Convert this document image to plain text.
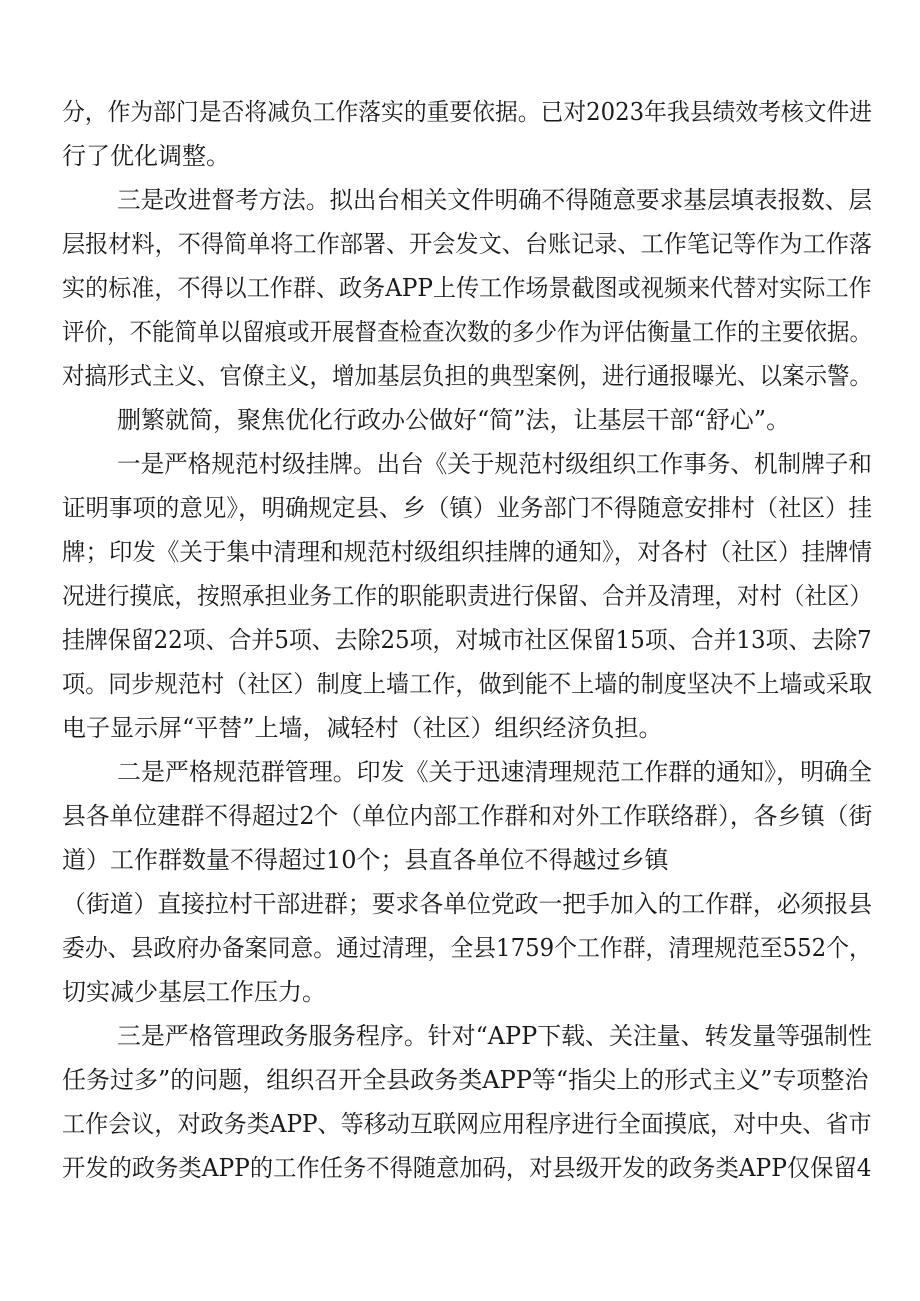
分，作为部门是否将减负工作落实的重要依据。已对2023年我县绩效考核文件进
行了优化调整。
三是改进督考方法。拟出台相关文件明确不得随意要求基层填表报数、层
层报材料，不得简单将工作部署、开会发文、台账记录、工作笔记等作为工作落
实的标准，不得以工作群、政务APP上传工作场景截图或视频来代替对实际工作
评价，不能简单以留痕或开展督查检查次数的多少作为评估衡量工作的主要依据。
对搞形式主义、官僚主义，增加基层负担的典型案例，进行通报曝光、以案示警。
删繁就简，聚焦优化行政办公做好“简”法，让基层干部“舒心”。
一是严格规范村级挂牌。出台《关于规范村级组织工作事务、机制牌子和
证明事项的意见》，明确规定县、乡（镇）业务部门不得随意安排村（社区）挂
牌；印发《关于集中清理和规范村级组织挂牌的通知》，对各村（社区）挂牌情
况进行摸底，按照承担业务工作的职能职责进行保留、合并及清理，对村（社区）
挂牌保留22项、合并5项、去除25项，对城市社区保留15项、合并13项、去除7
项。同步规范村（社区）制度上墙工作，做到能不上墙的制度坚决不上墙或采取
电子显示屏“平替”上墙，减轻村（社区）组织经济负担。
二是严格规范群管理。印发《关于迅速清理规范工作群的通知》，明确全
县各单位建群不得超过2个（单位内部工作群和对外工作联络群），各乡镇（街
道）工作群数量不得超过10个；县直各单位不得越过乡镇
（街道）直接拉村干部进群；要求各单位党政一把手加入的工作群，必须报县
委办、县政府办备案同意。通过清理，全县1759个工作群，清理规范至552个，
切实减少基层工作压力。
三是严格管理政务服务程序。针对“APP下载、关注量、转发量等强制性
任务过多”的问题，组织召开全县政务类APP等“指尖上的形式主义”专项整治
工作会议，对政务类APP、等移动互联网应用程序进行全面摸底，对中央、省市
开发的政务类APP的工作任务不得随意加码，对县级开发的政务类APP仅保留4
